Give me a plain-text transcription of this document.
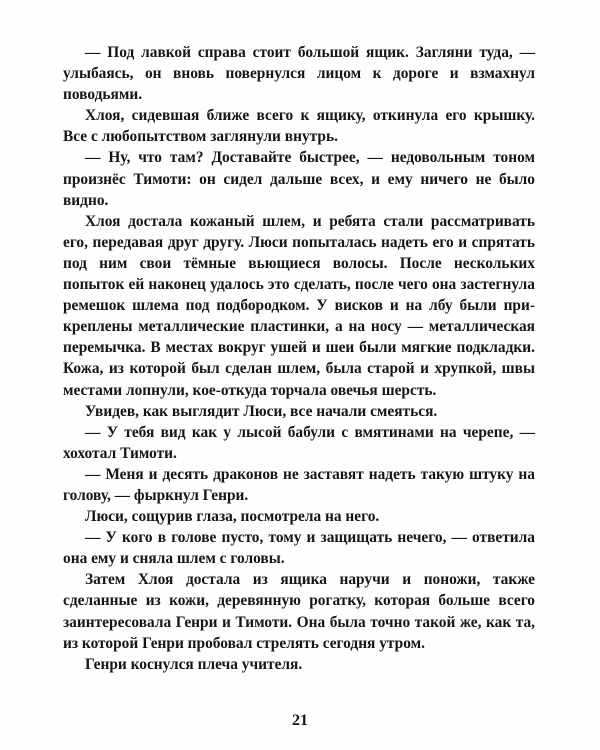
— Под лавкой справа стоит большой ящик. Загляни туда, — улыбаясь, он вновь повернулся лицом к дороге и взмахнул поводьями.

Хлоя, сидевшая ближе всего к ящику, откинула его крышку. Все с любопытством заглянули внутрь.

— Ну, что там? Доставайте быстрее, — недовольным тоном произнёс Тимоти: он сидел дальше всех, и ему ничего не было видно.

Хлоя достала кожаный шлем, и ребята стали рассматривать его, передавая друг другу. Люси попыталась надеть его и спрятать под ним свои тёмные вьющиеся волосы. После нескольких попыток ей наконец удалось это сделать, после чего она застегнула ремешок шлема под подбородком. У висков и на лбу были прикреплены металлические пластинки, а на носу — металлическая перемычка. В местах вокруг ушей и шеи были мягкие подкладки. Кожа, из которой был сделан шлем, была старой и хрупкой, швы местами лопнули, кое-откуда торчала овечья шерсть.

Увидев, как выглядит Люси, все начали смеяться.

— У тебя вид как у лысой бабули с вмятинами на черепе, — хохотал Тимоти.

— Меня и десять драконов не заставят надеть такую штуку на голову, — фыркнул Генри.

Люси, сощурив глаза, посмотрела на него.

— У кого в голове пусто, тому и защищать нечего, — ответила она ему и сняла шлем с головы.

Затем Хлоя достала из ящика наручи и поножи, также сделанные из кожи, деревянную рогатку, которая больше всего заинтересовала Генри и Тимоти. Она была точно такой же, как та, из которой Генри пробовал стрелять сегодня утром.

Генри коснулся плеча учителя.

21
